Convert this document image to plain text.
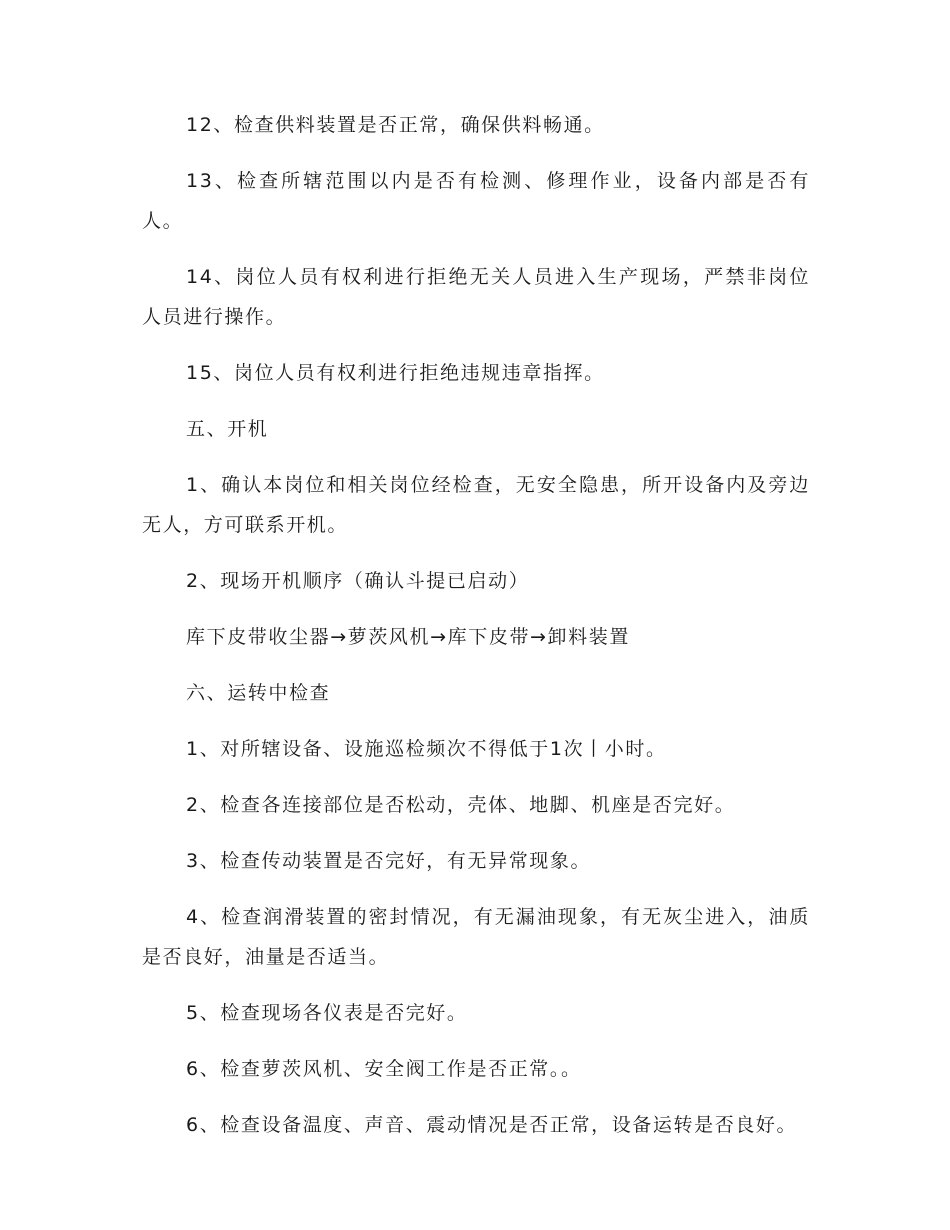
12、检查供料装置是否正常，确保供料畅通。

13、检查所辖范围以内是否有检测、修理作业，设备内部是否有人。

14、岗位人员有权利进行拒绝无关人员进入生产现场，严禁非岗位人员进行操作。

15、岗位人员有权利进行拒绝违规违章指挥。

五、开机

1、确认本岗位和相关岗位经检查，无安全隐患，所开设备内及旁边无人，方可联系开机。

2、现场开机顺序（确认斗提已启动）

库下皮带收尘器→萝茨风机→库下皮带→卸料装置

六、运转中检查

1、对所辖设备、设施巡检频次不得低于1次丨小时。

2、检查各连接部位是否松动，壳体、地脚、机座是否完好。

3、检查传动装置是否完好，有无异常现象。

4、检查润滑装置的密封情况，有无漏油现象，有无灰尘进入，油质是否良好，油量是否适当。

5、检查现场各仪表是否完好。

6、检查萝茨风机、安全阀工作是否正常。。

6、检查设备温度、声音、震动情况是否正常，设备运转是否良好。
